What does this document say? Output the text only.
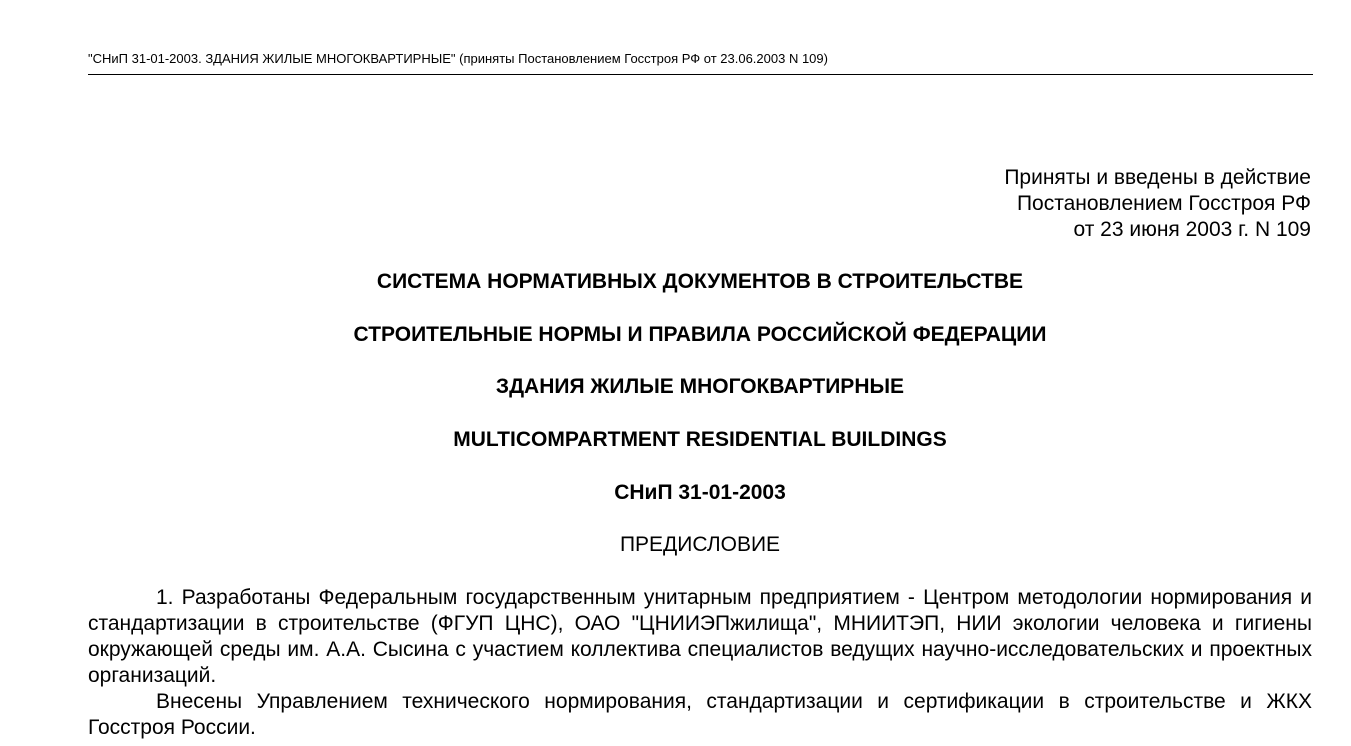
"СНиП 31-01-2003. ЗДАНИЯ ЖИЛЫЕ МНОГОКВАРТИРНЫЕ" (приняты Постановлением Госстроя РФ от 23.06.2003 N 109)
Приняты и введены в действие
Постановлением Госстроя РФ
от 23 июня 2003 г. N 109
СИСТЕМА НОРМАТИВНЫХ ДОКУМЕНТОВ В СТРОИТЕЛЬСТВЕ
СТРОИТЕЛЬНЫЕ НОРМЫ И ПРАВИЛА РОССИЙСКОЙ ФЕДЕРАЦИИ
ЗДАНИЯ ЖИЛЫЕ МНОГОКВАРТИРНЫЕ
MULTICOMPARTMENT RESIDENTIAL BUILDINGS
СНиП 31-01-2003
ПРЕДИСЛОВИЕ

1. Разработаны Федеральным государственным унитарным предприятием - Центром методологии нормирования и стандартизации в строительстве (ФГУП ЦНС), ОАО "ЦНИИЭПжилища", МНИИТЭП, НИИ экологии человека и гигиены окружающей среды им. А.А. Сысина с участием коллектива специалистов ведущих научно-исследовательских и проектных организаций.

Внесены Управлением технического нормирования, стандартизации и сертификации в строительстве и ЖКХ Госстроя России.
